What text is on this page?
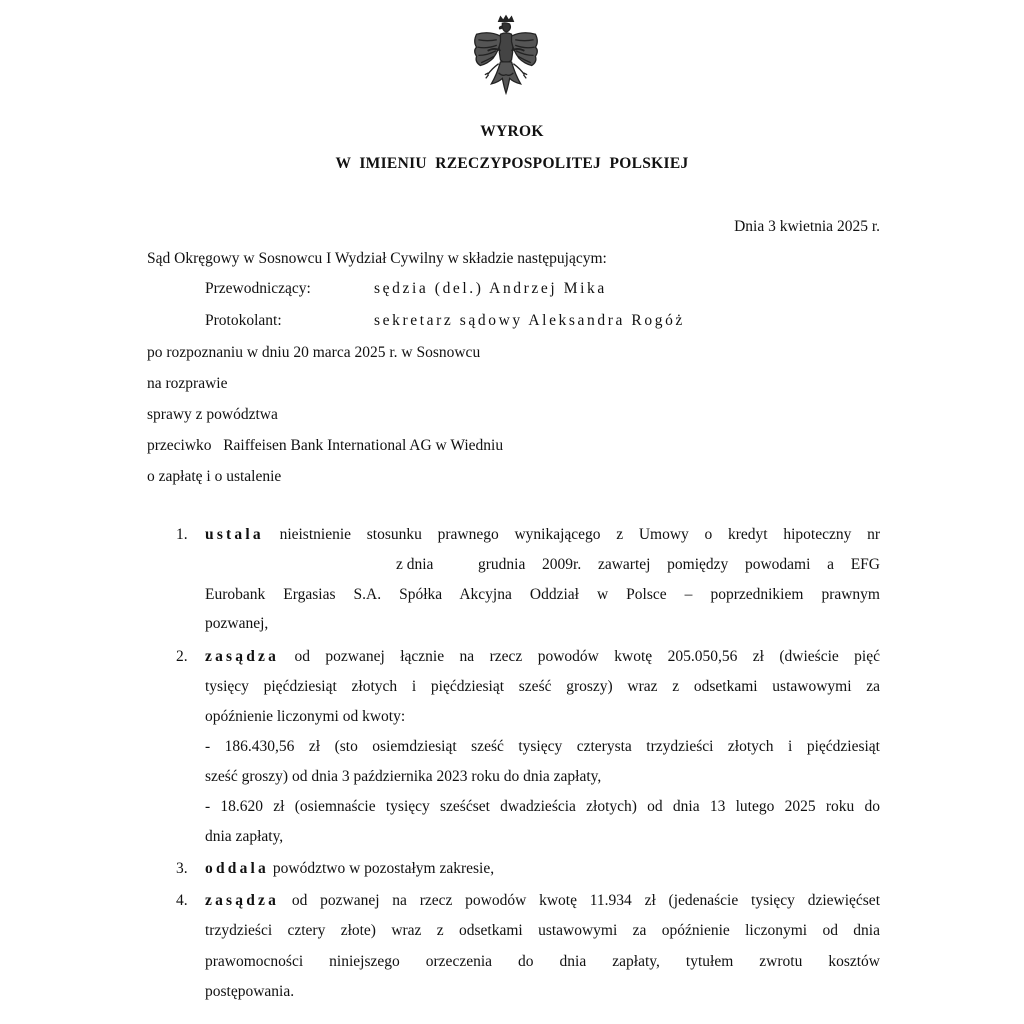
WYROK
W  IMIENIU  RZECZYPOSPOLITEJ  POLSKIEJ
Dnia 3 kwietnia 2025 r.
Sąd Okręgowy w Sosnowcu I Wydział Cywilny w składzie następującym:
Przewodniczący:	sędzia (del.) Andrzej Mika
Protokolant:	sekretarz sądowy Aleksandra Rogóż
po rozpoznaniu w dniu 20 marca 2025 r. w Sosnowcu
na rozprawie
sprawy z powództwa
przeciwko Raiffeisen Bank International AG w Wiedniu
o zapłatę i o ustalenie
1. ustala nieistnienie stosunku prawnego wynikającego z Umowy o kredyt hipoteczny nr
z dnia	grudnia 2009r. zawartej pomiędzy powodami a EFG
Eurobank Ergasias S.A. Spółka Akcyjna Oddział w Polsce – poprzednikiem prawnym
pozwanej,
2. zasądza od pozwanej łącznie na rzecz powodów kwotę 205.050,56 zł (dwieście pięć
tysięcy pięćdziesiąt złotych i pięćdziesiąt sześć groszy) wraz z odsetkami ustawowymi za
opóźnienie liczonymi od kwoty:
- 186.430,56 zł (sto osiemdziesiąt sześć tysięcy czterysta trzydzieści złotych i pięćdziesiąt
sześć groszy) od dnia 3 października 2023 roku do dnia zapłaty,
- 18.620 zł (osiemnaście tysięcy sześćset dwadzieścia złotych) od dnia 13 lutego 2025 roku do
dnia zapłaty,
3. oddala powództwo w pozostałym zakresie,
4. zasądza od pozwanej na rzecz powodów kwotę 11.934 zł (jedenaście tysięcy dziewięćset
trzydzieści cztery złote) wraz z odsetkami ustawowymi za opóźnienie liczonymi od dnia
prawomocności niniejszego orzeczenia do dnia zapłaty, tytułem zwrotu kosztów
postępowania.
